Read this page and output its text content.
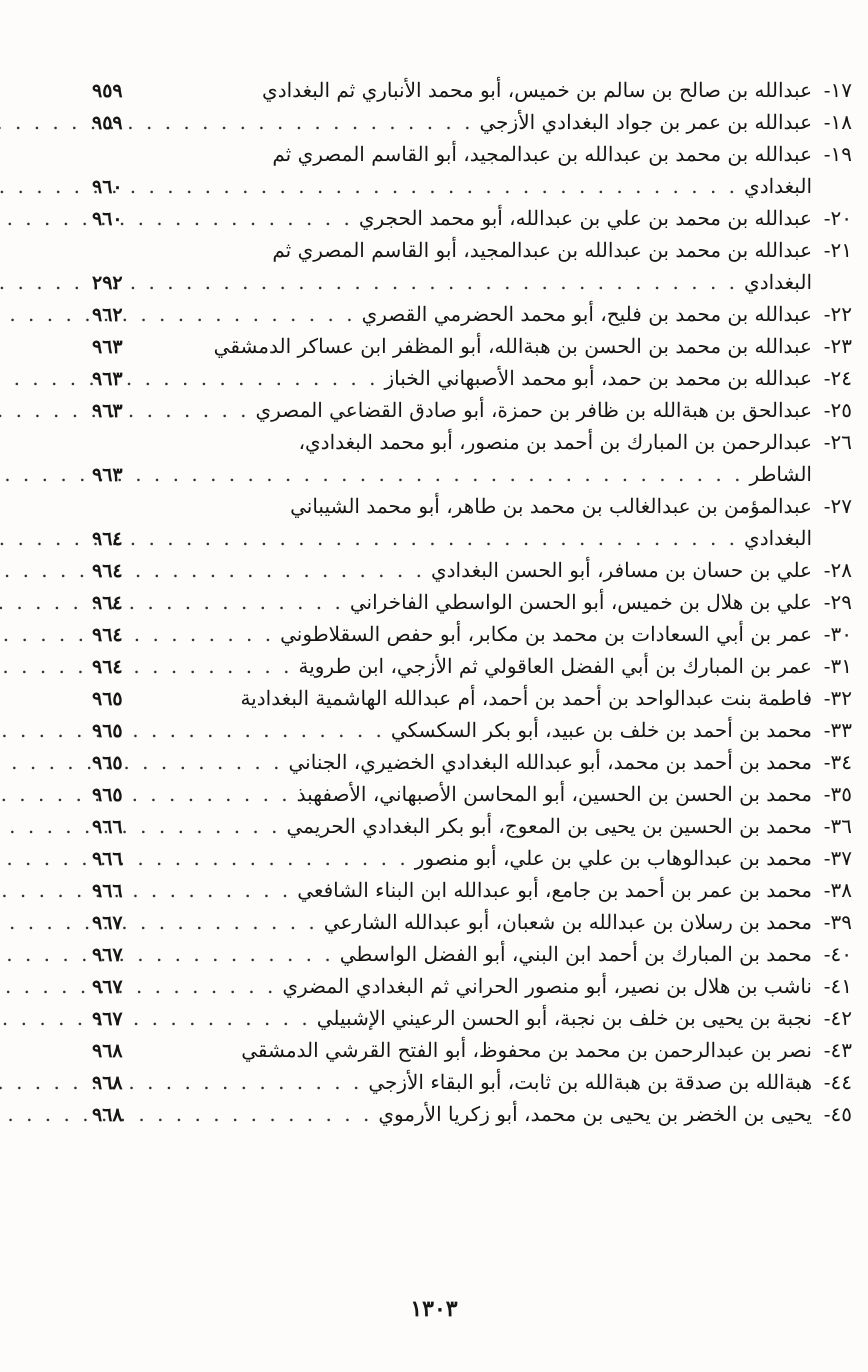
١٧-
عبدالله بن صالح بن سالم بن خميس، أبو محمد الأنباري ثم البغدادي
٩٥٩
١٨-
عبدالله بن عمر بن جواد البغدادي الأزجي
. . .
٩٥٩
١٩-
عبدالله بن محمد بن عبدالله بن عبدالمجيد، أبو القاسم المصري ثم
البغدادي
. . .
٩٦٠
٢٠-
عبدالله بن محمد بن علي بن عبدالله، أبو محمد الحجري
. . .
٩٦٠
٢١-
عبدالله بن محمد بن عبدالله بن عبدالمجيد، أبو القاسم المصري ثم
البغدادي
. . .
٢٩٢
٢٢-
عبدالله بن محمد بن فليح، أبو محمد الحضرمي القصري
. . .
٩٦٢
٢٣-
عبدالله بن محمد بن الحسن بن هبةالله، أبو المظفر ابن عساكر الدمشقي
٩٦٣
٢٤-
عبدالله بن محمد بن حمد، أبو محمد الأصبهاني الخباز
. . .
٩٦٣
٢٥-
عبدالحق بن هبةالله بن ظافر بن حمزة، أبو صادق القضاعي المصري
. . .
٩٦٣
٢٦-
عبدالرحمن بن المبارك بن أحمد بن منصور، أبو محمد البغدادي،
الشاطر
. . .
٩٦٣
٢٧-
عبدالمؤمن بن عبدالغالب بن محمد بن طاهر، أبو محمد الشيباني
البغدادي
. . .
٩٦٤
٢٨-
علي بن حسان بن مسافر، أبو الحسن البغدادي
. . .
٩٦٤
٢٩-
علي بن هلال بن خميس، أبو الحسن الواسطي الفاخراني
. . .
٩٦٤
٣٠-
عمر بن أبي السعادات بن محمد بن مكابر، أبو حفص السقلاطوني
. . .
٩٦٤
٣١-
عمر بن المبارك بن أبي الفضل العاقولي ثم الأزجي، ابن طروية
. . .
٩٦٤
٣٢-
فاطمة بنت عبدالواحد بن أحمد بن أحمد، أم عبدالله الهاشمية البغدادية
٩٦٥
٣٣-
محمد بن أحمد بن خلف بن عبيد، أبو بكر السكسكي
. . .
٩٦٥
٣٤-
محمد بن أحمد بن محمد، أبو عبدالله البغدادي الخضيري، الجناني
. . .
٩٦٥
٣٥-
محمد بن الحسن بن الحسين، أبو المحاسن الأصبهاني، الأصفهبذ
. . .
٩٦٥
٣٦-
محمد بن الحسين بن يحيى بن المعوج، أبو بكر البغدادي الحريمي
. . .
٩٦٦
٣٧-
محمد بن عبدالوهاب بن علي بن علي، أبو منصور
. . .
٩٦٦
٣٨-
محمد بن عمر بن أحمد بن جامع، أبو عبدالله ابن البناء الشافعي
. . .
٩٦٦
٣٩-
محمد بن رسلان بن عبدالله بن شعبان، أبو عبدالله الشارعي
. . .
٩٦٧
٤٠-
محمد بن المبارك بن أحمد ابن البني، أبو الفضل الواسطي
. . .
٩٦٧
٤١-
ناشب بن هلال بن نصير، أبو منصور الحراني ثم البغدادي المضري
. . .
٩٦٧
٤٢-
نجبة بن يحيى بن خلف بن نجبة، أبو الحسن الرعيني الإشبيلي
. . .
٩٦٧
٤٣-
نصر بن عبدالرحمن بن محمد بن محفوظ، أبو الفتح القرشي الدمشقي
٩٦٨
٤٤-
هبةالله بن صدقة بن هبةالله بن ثابت، أبو البقاء الأزجي
. . .
٩٦٨
٤٥-
يحيى بن الخضر بن يحيى بن محمد، أبو زكريا الأرموي
. . .
٩٦٨
١٣٠٣
